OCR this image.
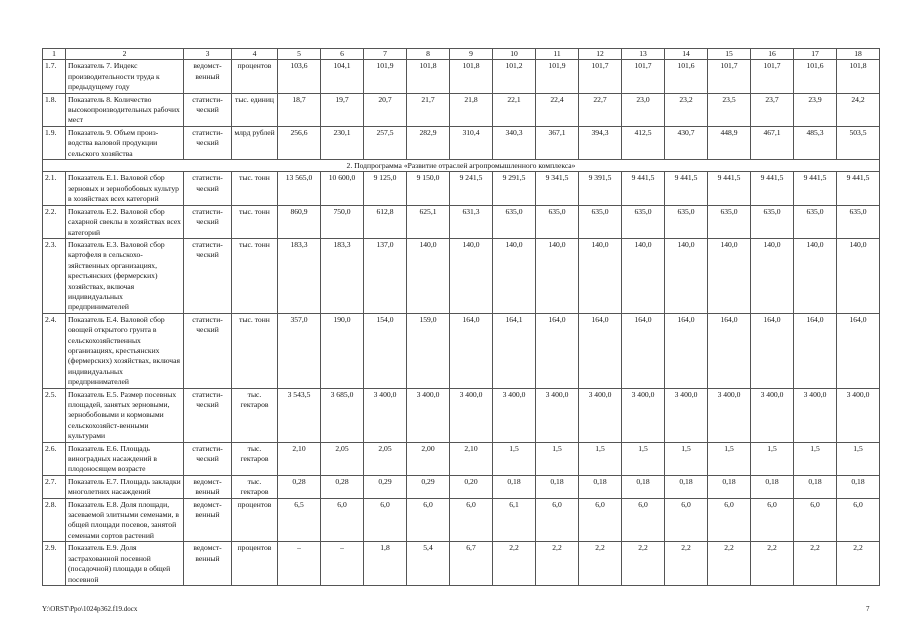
1	2	3	4	5	6	7	8	9	10	11	12	13	14	15	16	17	18
1.7.	Показатель 7. Индекс производительности труда к предыдущему году	ведомст-венный	процентов	103,6	104,1	101,9	101,8	101,8	101,2	101,9	101,7	101,7	101,6	101,7	101,7	101,6	101,8
1.8.	Показатель 8. Количество высокопроизводительных рабочих мест	статисти-ческий	тыс. единиц	18,7	19,7	20,7	21,7	21,8	22,1	22,4	22,7	23,0	23,2	23,5	23,7	23,9	24,2
1.9.	Показатель 9. Объем произ-водства валовой продукции сельского хозяйства	статисти-ческий	млрд рублей	256,6	230,1	257,5	282,9	310,4	340,3	367,1	394,3	412,5	430,7	448,9	467,1	485,3	503,5
2. Подпрограмма «Развитие отраслей агропромышленного комплекса»																	
2.1.	Показатель Е.1. Валовой сбор зерновых и зернобобовых культур в хозяйствах всех категорий	статисти-ческий	тыс. тонн	13 565,0	10 600,0	9 125,0	9 150,0	9 241,5	9 291,5	9 341,5	9 391,5	9 441,5	9 441,5	9 441,5	9 441,5	9 441,5	9 441,5
2.2.	Показатель Е.2. Валовой сбор сахарной свеклы в хозяйствах всех категорий	статисти-ческий	тыс. тонн	860,9	750,0	612,8	625,1	631,3	635,0	635,0	635,0	635,0	635,0	635,0	635,0	635,0	635,0
2.3.	Показатель Е.3. Валовой сбор картофеля в сельскохо-зяйственных организациях, крестьянских (фермерских) хозяйствах, включая индивидуальных предпринимателей	статисти-ческий	тыс. тонн	183,3	183,3	137,0	140,0	140,0	140,0	140,0	140,0	140,0	140,0	140,0	140,0	140,0	140,0
2.4.	Показатель Е.4. Валовой сбор овощей открытого грунта в сельскохозяйственных организациях, крестьянских (фермерских) хозяйствах, включая индивидуальных предпринимателей	статисти-ческий	тыс. тонн	357,0	190,0	154,0	159,0	164,0	164,1	164,0	164,0	164,0	164,0	164,0	164,0	164,0	164,0
2.5.	Показатель Е.5. Размер посевных площадей, занятых зерновыми, зернобобовыми и кормовыми сельскохозяйст-венными культурами	статисти-ческий	тыс. гектаров	3 543,5	3 685,0	3 400,0	3 400,0	3 400,0	3 400,0	3 400,0	3 400,0	3 400,0	3 400,0	3 400,0	3 400,0	3 400,0	3 400,0
2.6.	Показатель Е.6. Площадь виноградных насаждений в плодоносящем возрасте	статисти-ческий	тыс. гектаров	2,10	2,05	2,05	2,00	2,10	1,5	1,5	1,5	1,5	1,5	1,5	1,5	1,5	1,5
2.7.	Показатель Е.7. Площадь закладки многолетних насаждений	ведомст-венный	тыс. гектаров	0,28	0,28	0,29	0,29	0,20	0,18	0,18	0,18	0,18	0,18	0,18	0,18	0,18	0,18
2.8.	Показатель Е.8. Доля площади, засеваемой элитными семенами, в общей площади посевов, занятой семенами сортов растений	ведомст-венный	процентов	6,5	6,0	6,0	6,0	6,0	6,1	6,0	6,0	6,0	6,0	6,0	6,0	6,0	6,0
2.9.	Показатель Е.9. Доля застрахованной посевной (посадочной) площади в общей посевной	ведомст-венный	процентов	–	–	1,8	5,4	6,7	2,2	2,2	2,2	2,2	2,2	2,2	2,2	2,2	2,2
Y:\ORST\Ppo\1024p362.f19.docx	7
